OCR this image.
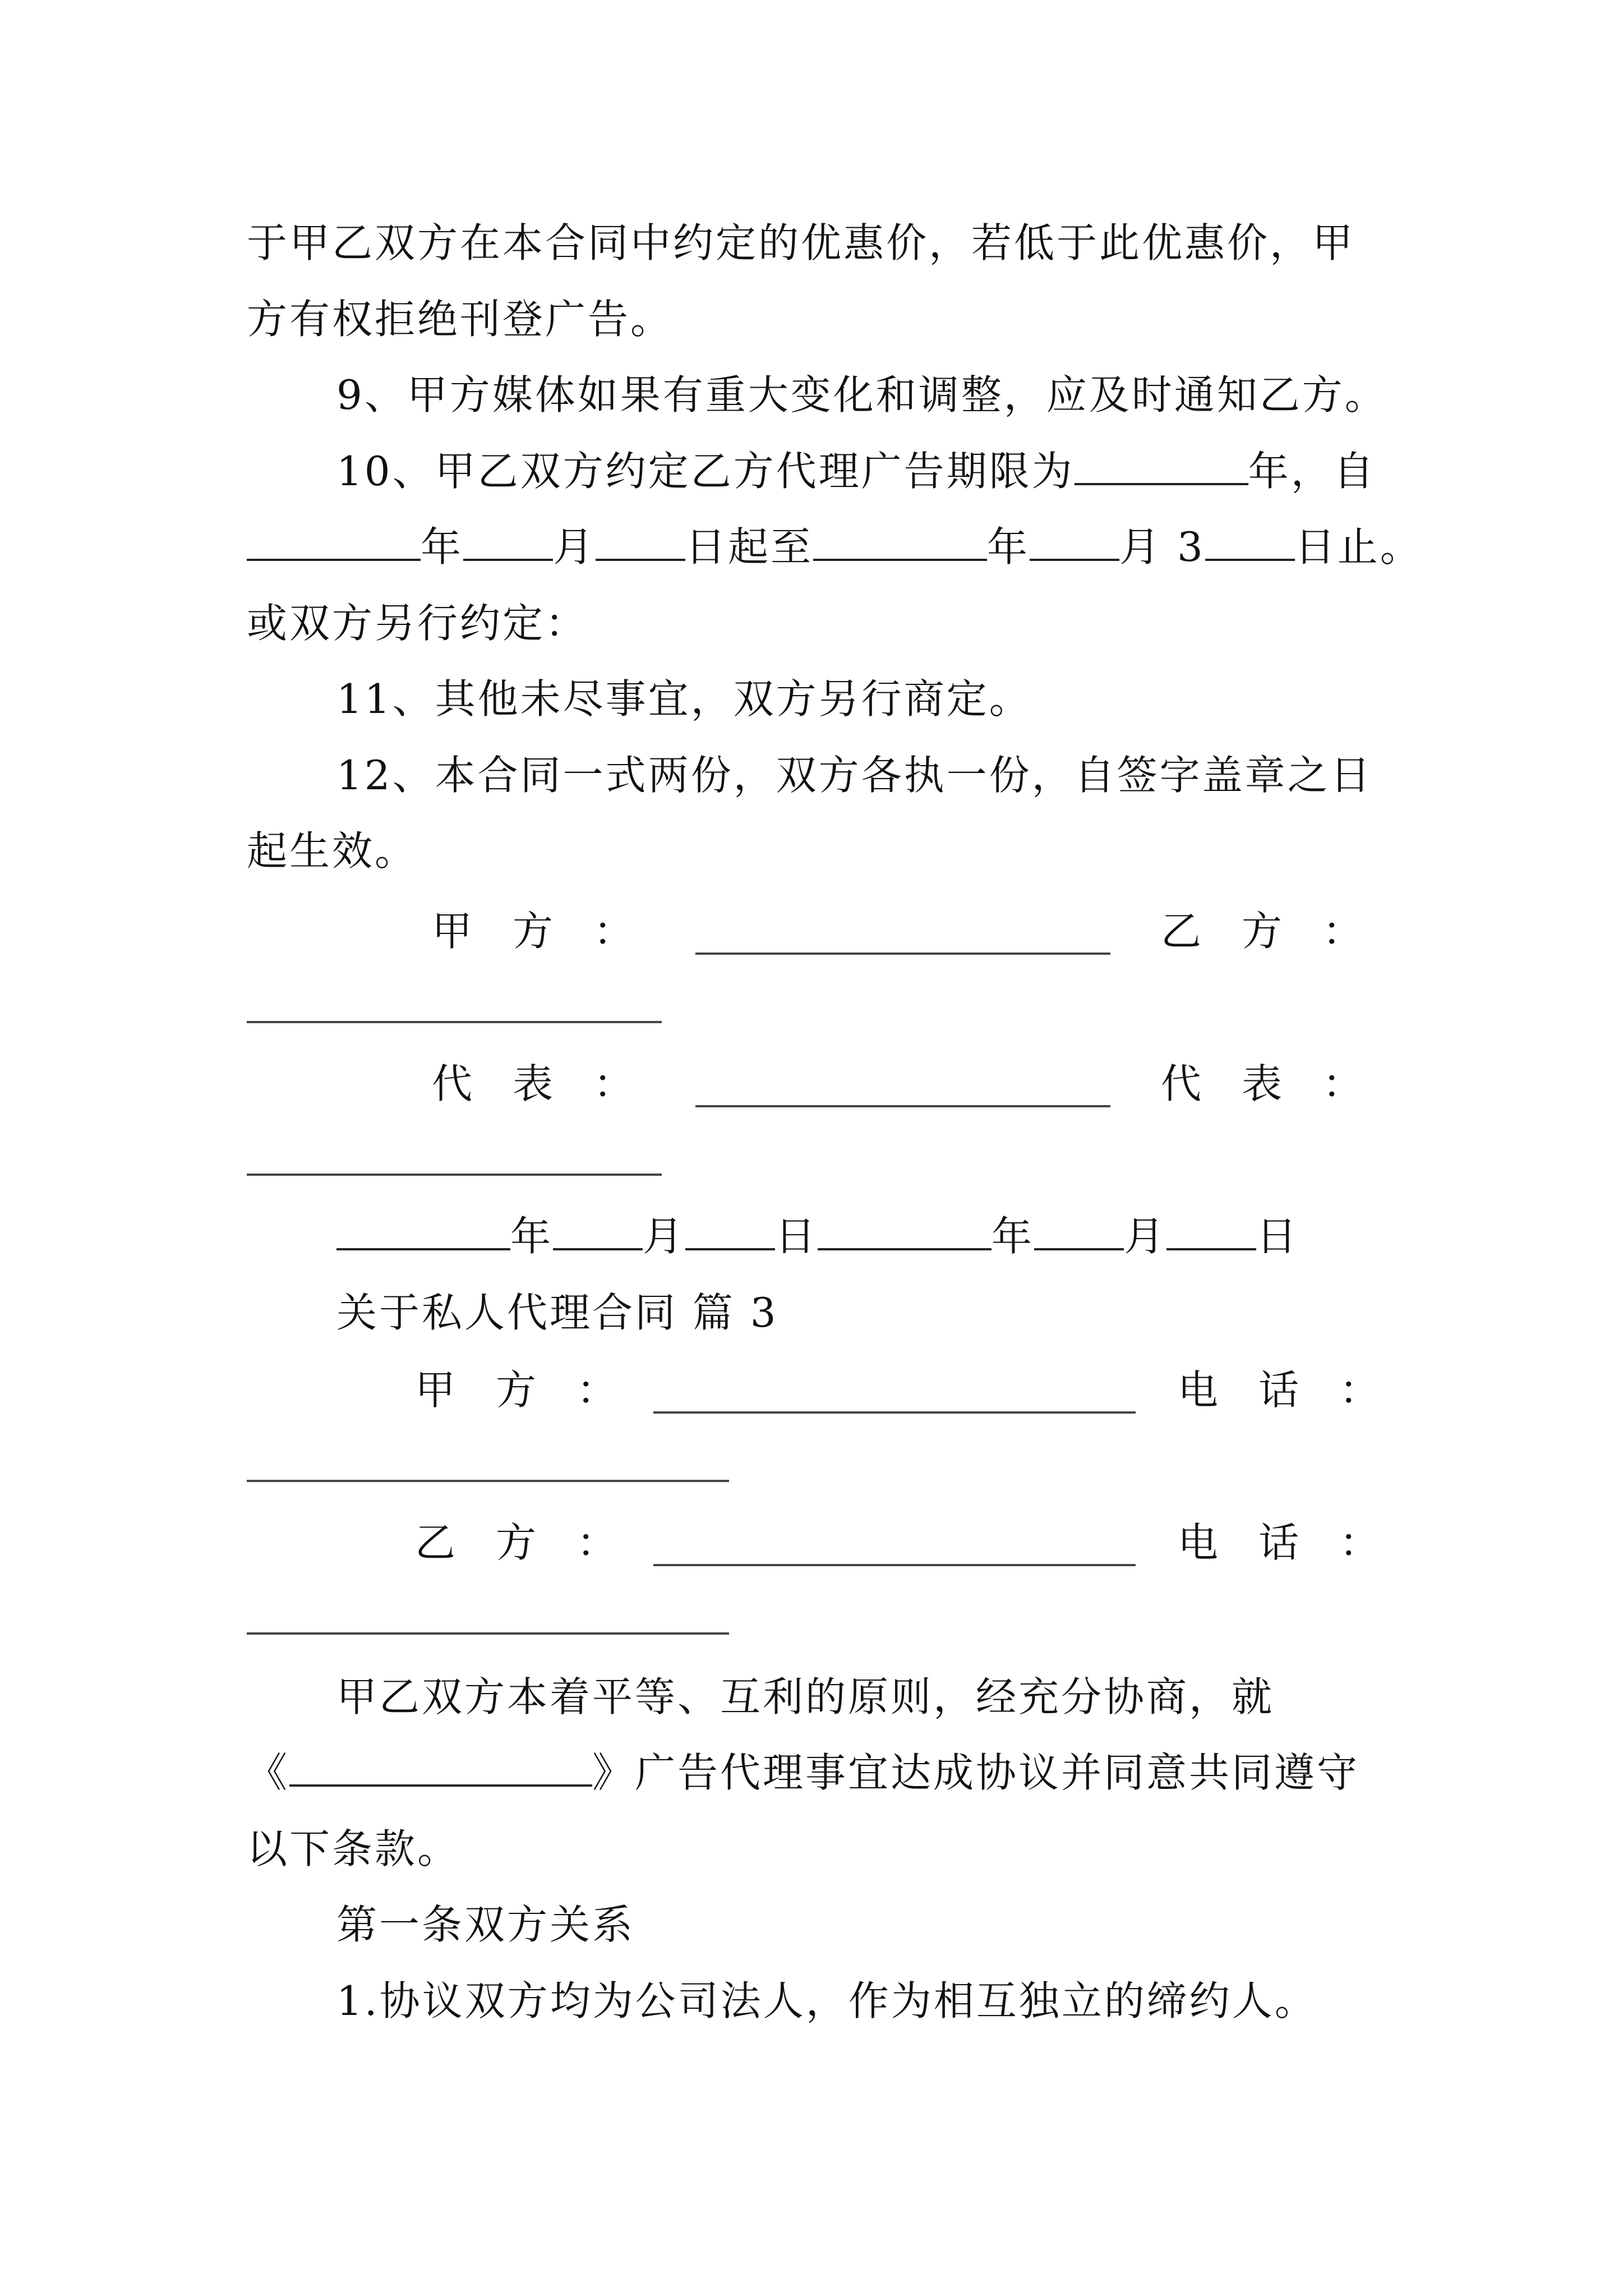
于甲乙双方在本合同中约定的优惠价，若低于此优惠价，甲
方有权拒绝刊登广告。
9、甲方媒体如果有重大变化和调整，应及时通知乙方。
10、甲乙双方约定乙方代理广告期限为	年，自
年 月 日起至	年 月 3 日止。
或双方另行约定：
11、其他未尽事宜，双方另行商定。
12、本合同一式两份，双方各执一份，自签字盖章之日
起生效。
甲　方　：	乙　方　：
代　表　：	代　表　：
年 月 日	年 月 日
关于私人代理合同 篇 3
甲　方　：	电　话　：
乙　方　：	电　话　：
甲乙双方本着平等、互利的原则，经充分协商，就
《	》广告代理事宜达成协议并同意共同遵守
以下条款。
第一条双方关系
1.协议双方均为公司法人，作为相互独立的缔约人。
